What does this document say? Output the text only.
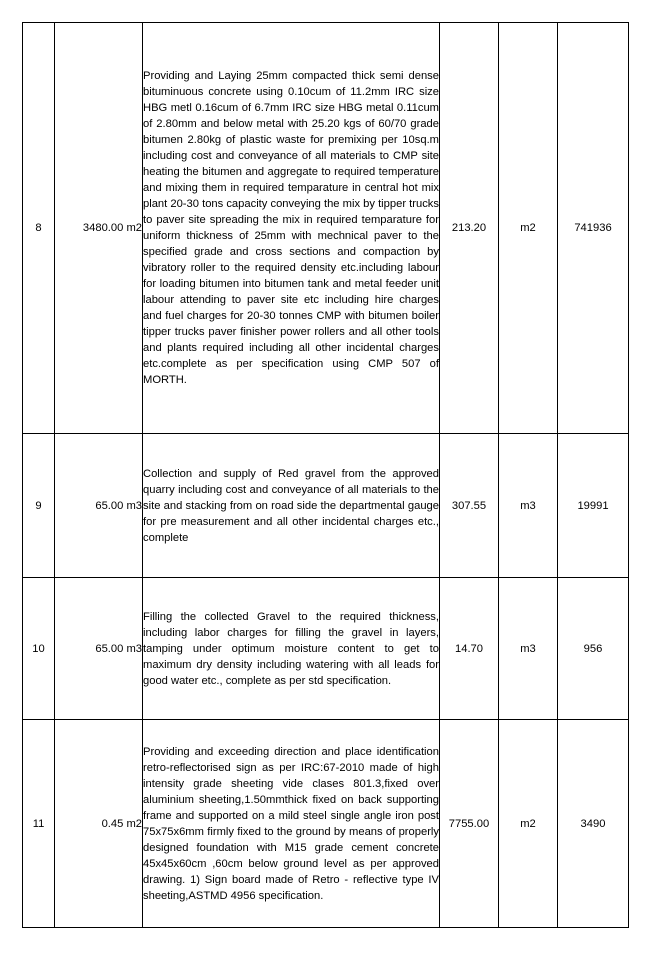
8	3480.00 m2	Providing and Laying 25mm compacted thick semi dense bituminuous concrete using 0.10cum of 11.2mm IRC size HBG metl 0.16cum of 6.7mm IRC size HBG metal 0.11cum of 2.80mm and below metal with 25.20 kgs of 60/70 grade bitumen 2.80kg of plastic waste for premixing per 10sq.m including cost and conveyance of all materials to CMP site heating the bitumen and aggregate to required temperature and mixing them in required temparature in central hot mix plant 20-30 tons capacity conveying the mix by tipper trucks to paver site spreading the mix in required temparature for uniform thickness of 25mm with mechnical paver to the specified grade and cross sections and compaction by vibratory roller to the required density etc.including labour for loading bitumen into bitumen tank and metal feeder unit labour attending to paver site etc including hire charges and fuel charges for 20-30 tonnes CMP with bitumen boiler tipper trucks paver finisher power rollers and all other tools and plants required including all other incidental charges etc.complete as per specification using CMP 507 of MORTH.	213.20	m2	741936
9	65.00 m3	Collection and supply of Red gravel from the approved quarry including cost and conveyance of all materials to the site and stacking from on road side the departmental gauge for pre measurement and all other incidental charges etc., complete	307.55	m3	19991
10	65.00 m3	Filling the collected Gravel to the required thickness, including labor charges for filling the gravel in layers, tamping under optimum moisture content to get to maximum dry density including watering with all leads for good water etc., complete as per std specification.	14.70	m3	956
11	0.45 m2	Providing and exceeding direction and place identification retro-reflectorised sign as per IRC:67-2010 made of high intensity grade sheeting vide clases 801.3,fixed over aluminium sheeting,1.50mmthick fixed on back supporting frame and supported on a mild steel single angle iron post 75x75x6mm firmly fixed to the ground by means of properly designed foundation with M15 grade cement concrete 45x45x60cm ,60cm below ground level as per approved drawing. 1) Sign board made of Retro - reflective type IV sheeting,ASTMD 4956 specification.	7755.00	m2	3490
